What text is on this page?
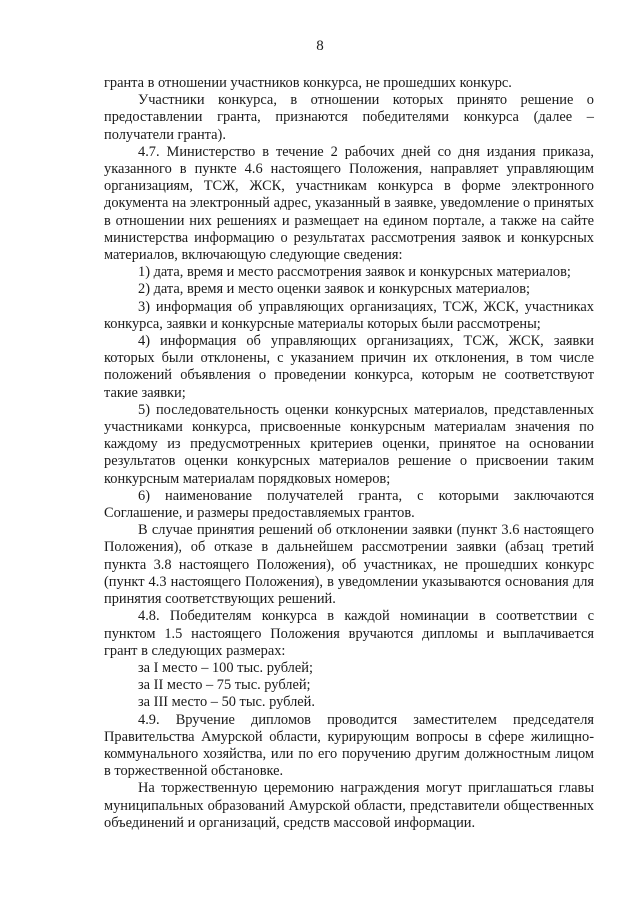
8

гранта в отношении участников конкурса, не прошедших конкурс.

Участники конкурса, в отношении которых принято решение о предоставлении гранта, признаются победителями конкурса (далее – получатели гранта).

4.7. Министерство в течение 2 рабочих дней со дня издания приказа, указанного в пункте 4.6 настоящего Положения, направляет управляющим организациям, ТСЖ, ЖСК, участникам конкурса в форме электронного документа на электронный адрес, указанный в заявке, уведомление о принятых в отношении них решениях и размещает на едином портале, а также на сайте министерства информацию о результатах рассмотрения заявок и конкурсных материалов, включающую следующие сведения:

1) дата, время и место рассмотрения заявок и конкурсных материалов;

2) дата, время и место оценки заявок и конкурсных материалов;

3) информация об управляющих организациях, ТСЖ, ЖСК, участниках конкурса, заявки и конкурсные материалы которых были рассмотрены;

4) информация об управляющих организациях, ТСЖ, ЖСК, заявки которых были отклонены, с указанием причин их отклонения, в том числе положений объявления о проведении конкурса, которым не соответствуют такие заявки;

5) последовательность оценки конкурсных материалов, представленных участниками конкурса, присвоенные конкурсным материалам значения по каждому из предусмотренных критериев оценки, принятое на основании результатов оценки конкурсных материалов решение о присвоении таким конкурсным материалам порядковых номеров;

6) наименование получателей гранта, с которыми заключаются Соглашение, и размеры предоставляемых грантов.

В случае принятия решений об отклонении заявки (пункт 3.6 настоящего Положения), об отказе в дальнейшем рассмотрении заявки (абзац третий пункта 3.8 настоящего Положения), об участниках, не прошедших конкурс (пункт 4.3 настоящего Положения), в уведомлении указываются основания для принятия соответствующих решений.

4.8. Победителям конкурса в каждой номинации в соответствии с пунктом 1.5 настоящего Положения вручаются дипломы и выплачивается грант в следующих размерах:

за I место – 100 тыс. рублей;

за II место – 75 тыс. рублей;

за III место – 50 тыс. рублей.

4.9. Вручение дипломов проводится заместителем председателя Правительства Амурской области, курирующим вопросы в сфере жилищно-коммунального хозяйства, или по его поручению другим должностным лицом в торжественной обстановке.

На торжественную церемонию награждения могут приглашаться главы муниципальных образований Амурской области, представители общественных объединений и организаций, средств массовой информации.
